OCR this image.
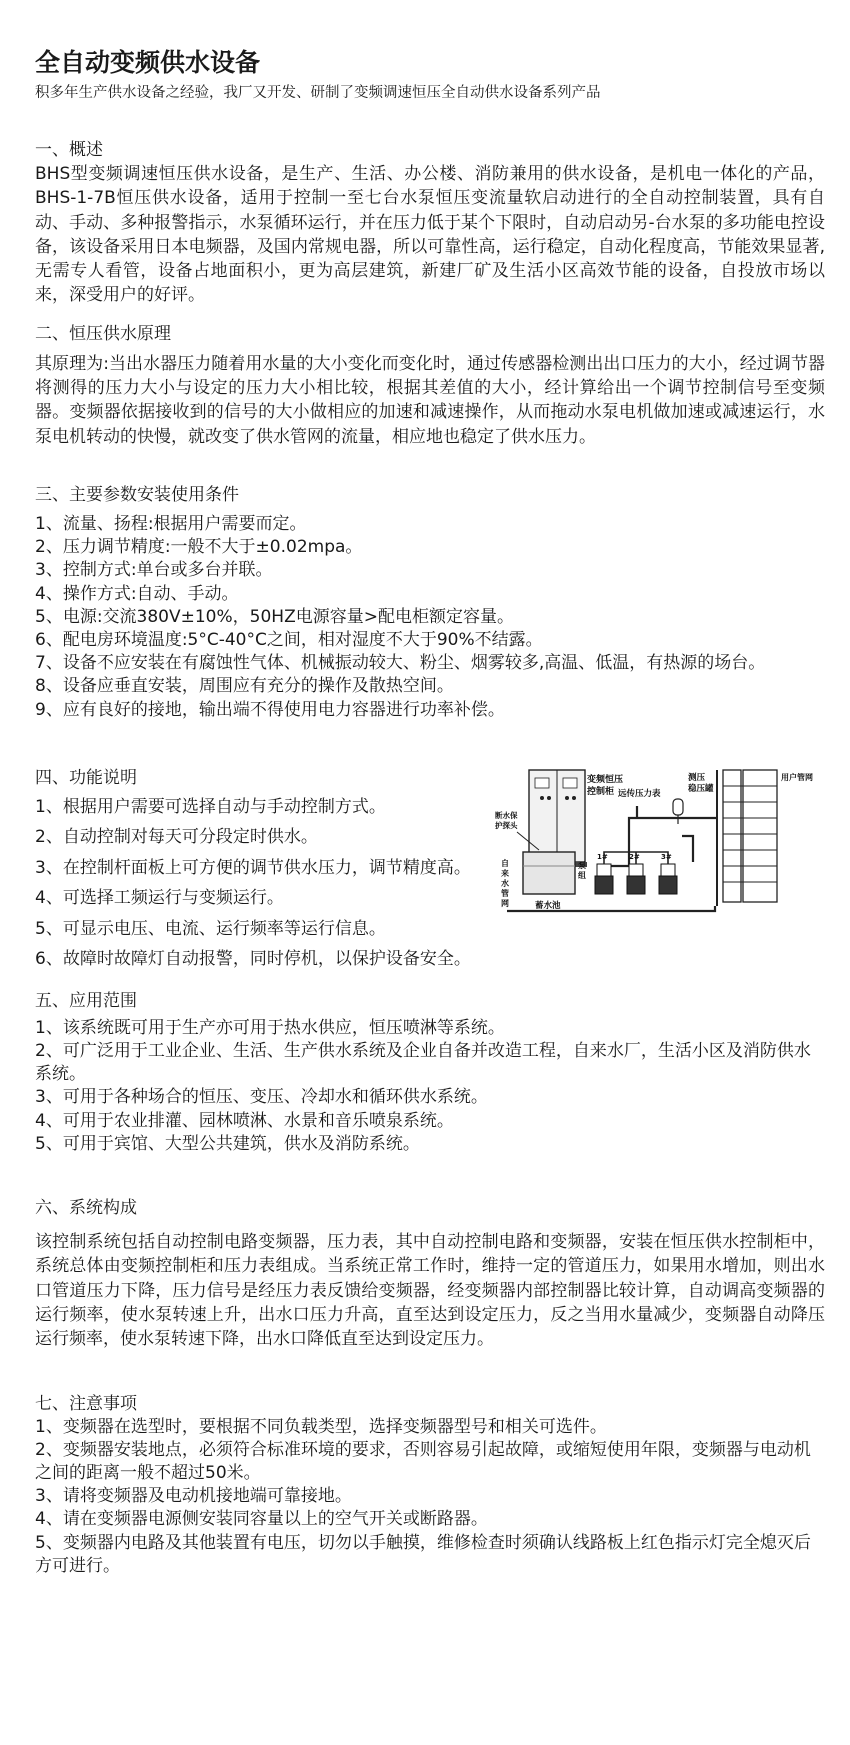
全自动变频供水设备
积多年生产供水设备之经验，我厂又开发、研制了变频调速恒压全自动供水设备系列产品
一、概述
BHS型变频调速恒压供水设备，是生产、生活、办公楼、消防兼用的供水设备，是机电一体化的产品，BHS-1-7B恒压供水设备，适用于控制一至七台水泵恒压变流量软启动进行的全自动控制装置，具有自动、手动、多种报警指示，水泵循环运行，并在压力低于某个下限时，自动启动另-台水泵的多功能电控设备，该设备采用日本电频器，及国内常规电器，所以可靠性高，运行稳定，自动化程度高，节能效果显著,无需专人看管，设备占地面积小，更为高层建筑，新建厂矿及生活小区高效节能的设备，自投放市场以来，深受用户的好评。
二、恒压供水原理
其原理为:当出水器压力随着用水量的大小变化而变化时，通过传感器检测出出口压力的大小，经过调节器将测得的压力大小与设定的压力大小相比较，根据其差值的大小，经计算给出一个调节控制信号至变频器。变频器依据接收到的信号的大小做相应的加速和减速操作，从而拖动水泵电机做加速或减速运行，水泵电机转动的快慢，就改变了供水管网的流量，相应地也稳定了供水压力。
三、主要参数安装使用条件
1、流量、扬程:根据用户需要而定。
2、压力调节精度:一般不大于±0.02mpa。
3、控制方式:单台或多台并联。
4、操作方式:自动、手动。
5、电源:交流380V±10%，50HZ电源容量>配电柜额定容量。
6、配电房环境温度:5°C-40°C之间，相对湿度不大于90%不结露。
7、设备不应安装在有腐蚀性气体、机械振动较大、粉尘、烟雾较多,高温、低温，有热源的场台。
8、设备应垂直安装，周围应有充分的操作及散热空间。
9、应有良好的接地，输出端不得使用电力容器进行功率补偿。
四、功能说明
1、根据用户需要可选择自动与手动控制方式。
2、自动控制对每天可分段定时供水。
3、在控制杆面板上可方便的调节供水压力，调节精度高。
4、可选择工频运行与变频运行。
5、可显示电压、电流、运行频率等运行信息。
6、故障时故障灯自动报警，同时停机，以保护设备安全。
变频恒压
控制柜 远传压力表
测压
稳压罐
用户管网
断水保
护探头
自
来
水
管
网	蓄水池
泵
组
1#	2#	3#
五、应用范围
1、该系统既可用于生产亦可用于热水供应，恒压喷淋等系统。
2、可广泛用于工业企业、生活、生产供水系统及企业自备并改造工程，自来水厂，生活小区及消防供水系统。
3、可用于各种场合的恒压、变压、冷却水和循环供水系统。
4、可用于农业排灌、园林喷淋、水景和音乐喷泉系统。
5、可用于宾馆、大型公共建筑，供水及消防系统。
六、系统构成
该控制系统包括自动控制电路变频器，压力表，其中自动控制电路和变频器，安装在恒压供水控制柜中，系统总体由变频控制柜和压力表组成。当系统正常工作时，维持一定的管道压力，如果用水增加，则出水口管道压力下降，压力信号是经压力表反馈给变频器，经变频器内部控制器比较计算，自动调高变频器的运行频率，使水泵转速上升，出水口压力升高，直至达到设定压力，反之当用水量减少，变频器自动降压运行频率，使水泵转速下降，出水口降低直至达到设定压力。
七、注意事项
1、变频器在选型时，要根据不同负载类型，选择变频器型号和相关可选件。
2、变频器安装地点，必须符合标准环境的要求，否则容易引起故障，或缩短使用年限，变频器与电动机之间的距离一般不超过50米。
3、请将变频器及电动机接地端可靠接地。
4、请在变频器电源侧安装同容量以上的空气开关或断路器。
5、变频器内电路及其他装置有电压，切勿以手触摸，维修检查时须确认线路板上红色指示灯完全熄灭后方可进行。
